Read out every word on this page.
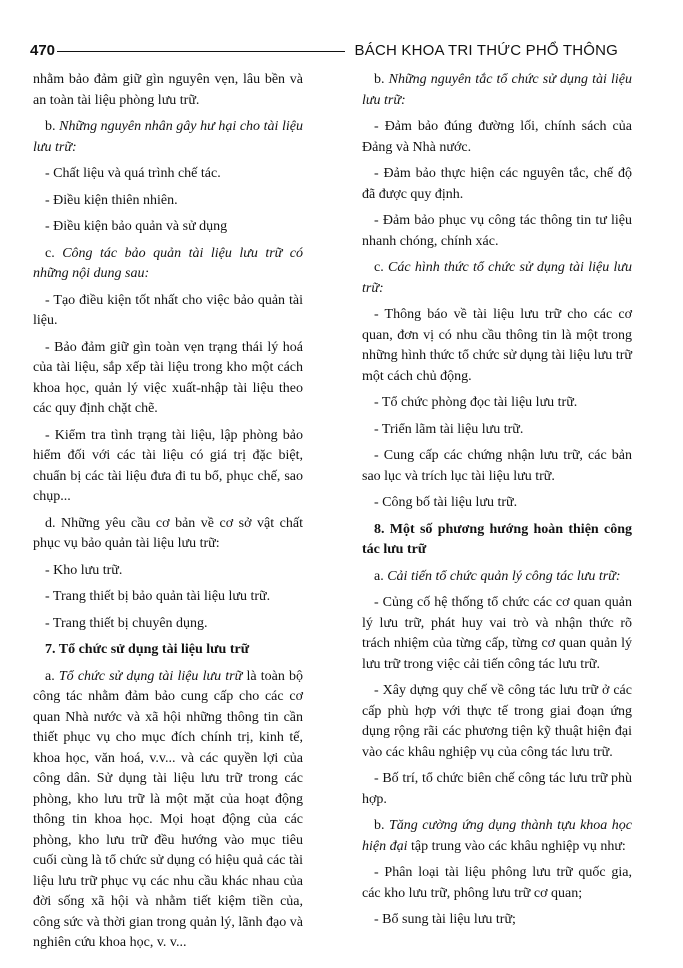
470	BÁCH KHOA TRI THỨC PHỔ THÔNG

nhằm bảo đảm giữ gìn nguyên vẹn, lâu bền và an toàn tài liệu phòng lưu trữ.

b. Những nguyên nhân gây hư hại cho tài liệu lưu trữ:

- Chất liệu và quá trình chế tác.

- Điều kiện thiên nhiên.

- Điều kiện bảo quản và sử dụng

c. Công tác bảo quản tài liệu lưu trữ có những nội dung sau:

- Tạo điều kiện tốt nhất cho việc bảo quản tài liệu.

- Bảo đảm giữ gìn toàn vẹn trạng thái lý hoá của tài liệu, sắp xếp tài liệu trong kho một cách khoa học, quản lý việc xuất-nhập tài liệu theo các quy định chặt chẽ.

- Kiểm tra tình trạng tài liệu, lập phòng bảo hiểm đối với các tài liệu có giá trị đặc biệt, chuẩn bị các tài liệu đưa đi tu bổ, phục chế, sao chụp...

d. Những yêu cầu cơ bản về cơ sở vật chất phục vụ bảo quản tài liệu lưu trữ:

- Kho lưu trữ.

- Trang thiết bị bảo quản tài liệu lưu trữ.

- Trang thiết bị chuyên dụng.

7. Tổ chức sử dụng tài liệu lưu trữ

a. Tổ chức sử dụng tài liệu lưu trữ là toàn bộ công tác nhằm đảm bảo cung cấp cho các cơ quan Nhà nước và xã hội những thông tin cần thiết phục vụ cho mục đích chính trị, kinh tế, khoa học, văn hoá, v.v... và các quyền lợi của công dân. Sử dụng tài liệu lưu trữ trong các phòng, kho lưu trữ là một mặt của hoạt động thông tin khoa học. Mọi hoạt động của các phòng, kho lưu trữ đều hướng vào mục tiêu cuối cùng là tổ chức sử dụng có hiệu quả các tài liệu lưu trữ phục vụ các nhu cầu khác nhau của đời sống xã hội và nhằm tiết kiệm tiền của, công sức và thời gian trong quản lý, lãnh đạo và nghiên cứu khoa học, v. v...

b. Những nguyên tắc tổ chức sử dụng tài liệu lưu trữ:

- Đảm bảo đúng đường lối, chính sách của Đảng và Nhà nước.

- Đảm bảo thực hiện các nguyên tắc, chế độ đã được quy định.

- Đảm bảo phục vụ công tác thông tin tư liệu nhanh chóng, chính xác.

c. Các hình thức tổ chức sử dụng tài liệu lưu trữ:

- Thông báo về tài liệu lưu trữ cho các cơ quan, đơn vị có nhu cầu thông tin là một trong những hình thức tổ chức sử dụng tài liệu lưu trữ một cách chủ động.

- Tổ chức phòng đọc tài liệu lưu trữ.

- Triển lãm tài liệu lưu trữ.

- Cung cấp các chứng nhận lưu trữ, các bản sao lục và trích lục tài liệu lưu trữ.

- Công bố tài liệu lưu trữ.

8. Một số phương hướng hoàn thiện công tác lưu trữ

a. Cải tiến tổ chức quản lý công tác lưu trữ:

- Củng cố hệ thống tổ chức các cơ quan quản lý lưu trữ, phát huy vai trò và nhận thức rõ trách nhiệm của từng cấp, từng cơ quan quản lý lưu trữ trong việc cải tiến công tác lưu trữ.

- Xây dựng quy chế về công tác lưu trữ ở các cấp phù hợp với thực tế trong giai đoạn ứng dụng rộng rãi các phương tiện kỹ thuật hiện đại vào các khâu nghiệp vụ của công tác lưu trữ.

- Bố trí, tổ chức biên chế công tác lưu trữ phù hợp.

b. Tăng cường ứng dụng thành tựu khoa học hiện đại tập trung vào các khâu nghiệp vụ như:

- Phân loại tài liệu phông lưu trữ quốc gia, các kho lưu trữ, phông lưu trữ cơ quan;

- Bổ sung tài liệu lưu trữ;
